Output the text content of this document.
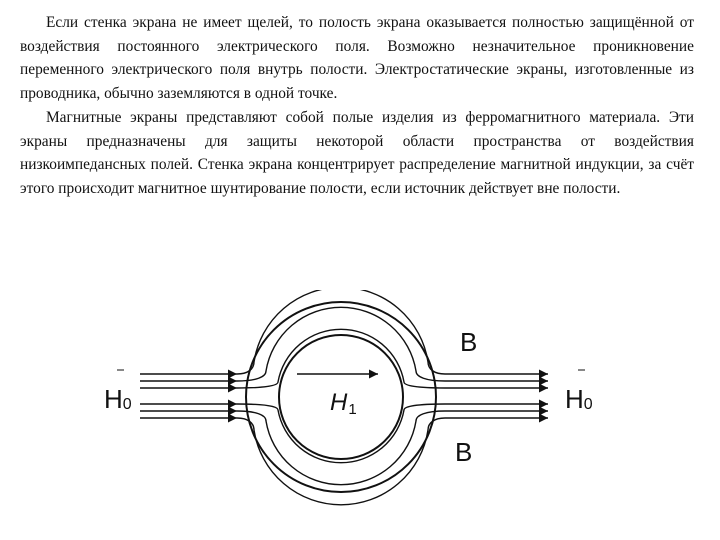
Если стенка экрана не имеет щелей, то полость экрана оказывается полностью защищённой от воздействия постоянного электрического поля. Возможно незначительное проникновение переменного электрического поля внутрь полости. Электростатические экраны, изготовленные из проводника, обычно заземляются в одной точке.

Магнитные экраны представляют собой полые изделия из ферромагнитного материала. Эти экраны предназначены для защиты некоторой области пространства от воздействия низкоимпедансных полей. Стенка экрана концентрирует распределение магнитной индукции, за счёт этого происходит магнитное шунтирование полости, если источник действует вне полости.

H0	H0
H1
B
B
